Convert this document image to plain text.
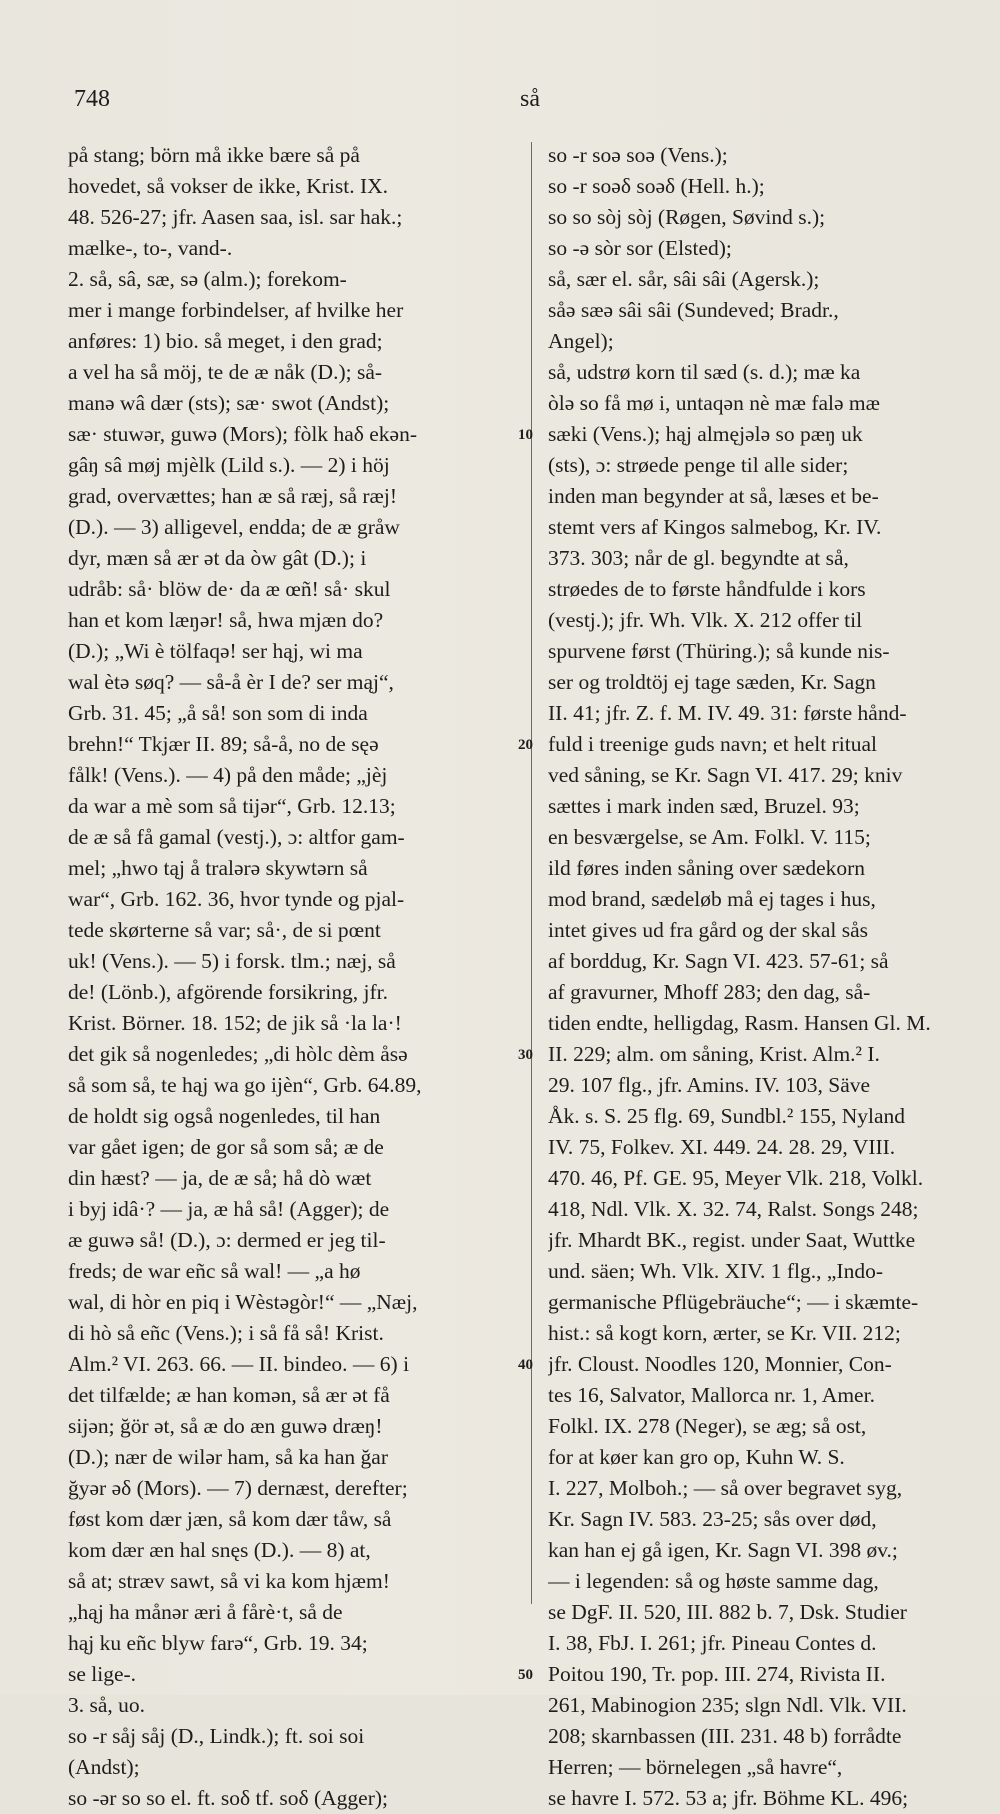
748	så
på stang; börn må ikke bære så på
hovedet, så vokser de ikke, Krist. IX.
48. 526-27; jfr. Aasen saa, isl. sar hak.;
mælke-, to-, vand-.
2. så, sâ, sæ, sə (alm.); forekom-
mer i mange forbindelser, af hvilke her
anføres: 1) bio. så meget, i den grad;
a vel ha så möj, te de æ nåk (D.); så-
manə wâ dær (sts); sæ· swot (Andst);
sæ· stuwər, guwə (Mors); fòlk haδ ekən-
gâŋ sâ møj mjèlk (Lild s.). — 2) i höj
grad, overvættes; han æ så ræj, så ræj!
(D.). — 3) alligevel, endda; de æ gråw
dyr, mæn så ær ət da òw gât (D.); i
udråb: så· blöw de· da æ œñ! så· skul
han et kom læŋər! så, hwa mjæn do?
(D.); „Wi è tölfaqə! ser hąj, wi ma
wal ètə søq? — så-å èr I de? ser mąj“,
Grb. 31. 45; „å så! son som di inda
brehn!“ Tkjær II. 89; så-å, no de sęə
fålk! (Vens.). — 4) på den måde; „jèj
da war a mè som så tijər“, Grb. 12.13;
de æ så få gamal (vestj.), ɔ: altfor gam-
mel; „hwo tąj å tralərə skywtərn så
war“, Grb. 162. 36, hvor tynde og pjal-
tede skørterne så var; så·, de si pœnt
uk! (Vens.). — 5) i forsk. tlm.; næj, så
de! (Lönb.), afgörende forsikring, jfr.
Krist. Börner. 18. 152; de jik så ·la la·!
det gik så nogenledes; „di hòlc dèm åsə
så som så, te hąj wa go ijèn“, Grb. 64.89,
de holdt sig også nogenledes, til han
var gået igen; de gor så som så; æ de
din hæst? — ja, de æ så; hå dò wæt
i byj idâ·? — ja, æ hå så! (Agger); de
æ guwə så! (D.), ɔ: dermed er jeg til-
freds; de war eñc så wal! — „a hø
wal, di hòr en piq i Wèstəgòr!“ — „Næj,
di hò så eñc (Vens.); i så få så! Krist.
Alm.² VI. 263. 66. — II. bindeo. — 6) i
det tilfælde; æ han komən, så ær ət få
sijən; ğör ət, så æ do æn guwə dræŋ!
(D.); nær de wilər ham, så ka han ğar
ğyər əδ (Mors). — 7) dernæst, derefter;
føst kom dær jæn, så kom dær tåw, så
kom dær æn hal snęs (D.). — 8) at,
så at; stræv sawt, så vi ka kom hjæm!
„hąj ha månər æri å fårè·t, så de
hąj ku eñc blyw farə“, Grb. 19. 34;
se lige-.
3. så, uo.
so -r såj såj (D., Lindk.); ft. soi soi
(Andst);
so -ər so so el. ft. soδ tf. soδ (Agger);
so -r soə soə (Vens.);
so -r soəδ soəδ (Hell. h.);
so so sòj sòj (Røgen, Søvind s.);
so -ə sòr sor (Elsted);
så, sær el. sår, sâi sâi (Agersk.);
såə sæə sâi sâi (Sundeved; Bradr.,
Angel);
så, udstrø korn til sæd (s. d.); mæ ka
òlə so få mø i, untaqən nè mæ falə mæ
sæki (Vens.); hąj almęjələ so pæŋ uk
(sts), ɔ: strøede penge til alle sider;
inden man begynder at så, læses et be-
stemt vers af Kingos salmebog, Kr. IV.
373. 303; når de gl. begyndte at så,
strøedes de to første håndfulde i kors
(vestj.); jfr. Wh. Vlk. X. 212 offer til
spurvene først (Thüring.); så kunde nis-
ser og troldtöj ej tage sæden, Kr. Sagn
II. 41; jfr. Z. f. M. IV. 49. 31: første hånd-
fuld i treenige guds navn; et helt ritual
ved såning, se Kr. Sagn VI. 417. 29; kniv
sættes i mark inden sæd, Bruzel. 93;
en besværgelse, se Am. Folkl. V. 115;
ild føres inden såning over sædekorn
mod brand, sædeløb må ej tages i hus,
intet gives ud fra gård og der skal sås
af borddug, Kr. Sagn VI. 423. 57-61; så
af gravurner, Mhoff 283; den dag, så-
tiden endte, helligdag, Rasm. Hansen Gl. M.
II. 229; alm. om såning, Krist. Alm.² I.
29. 107 flg., jfr. Amins. IV. 103, Säve
Åk. s. S. 25 flg. 69, Sundbl.² 155, Nyland
IV. 75, Folkev. XI. 449. 24. 28. 29, VIII.
470. 46, Pf. GE. 95, Meyer Vlk. 218, Volkl.
418, Ndl. Vlk. X. 32. 74, Ralst. Songs 248;
jfr. Mhardt BK., regist. under Saat, Wuttke
und. säen; Wh. Vlk. XIV. 1 flg., „Indo-
germanische Pflügebräuche“; — i skæmte-
hist.: så kogt korn, ærter, se Kr. VII. 212;
jfr. Cloust. Noodles 120, Monnier, Con-
tes 16, Salvator, Mallorca nr. 1, Amer.
Folkl. IX. 278 (Neger), se æg; så ost,
for at køer kan gro op, Kuhn W. S.
I. 227, Molboh.; — så over begravet syg,
Kr. Sagn IV. 583. 23-25; sås over død,
kan han ej gå igen, Kr. Sagn VI. 398 øv.;
— i legenden: så og høste samme dag,
se DgF. II. 520, III. 882 b. 7, Dsk. Studier
I. 38, FbJ. I. 261; jfr. Pineau Contes d.
Poitou 190, Tr. pop. III. 274, Rivista II.
261, Mabinogion 235; slgn Ndl. Vlk. VII.
208; skarnbassen (III. 231. 48 b) forrådte
Herren; — börnelegen „så havre“,
se havre I. 572. 53 a; jfr. Böhme KL. 496;
10
20
30
40
50
